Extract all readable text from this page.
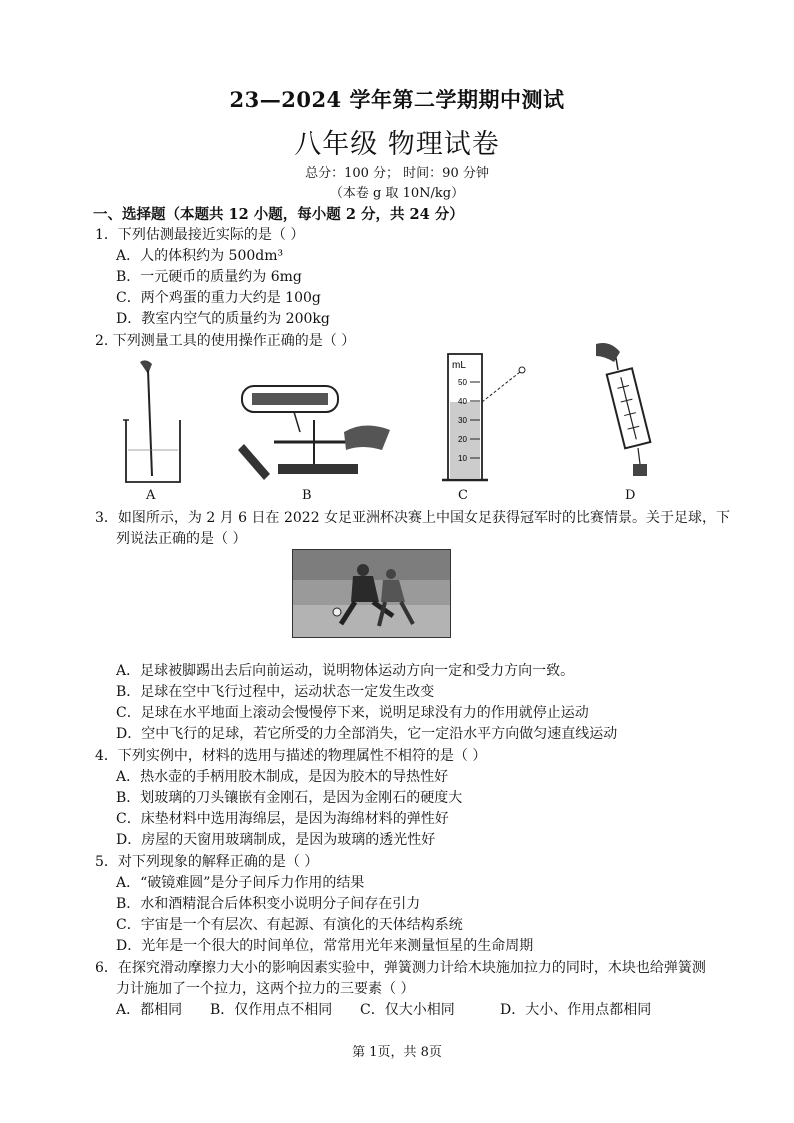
23—2024 学年第二学期期中测试
八年级 物理试卷
总分：100 分； 时间：90 分钟
（本卷 g 取 10N/kg）
一、选择题（本题共 12 小题，每小题 2 分，共 24 分）
1．下列估测最接近实际的是（ ）
A．人的体积约为 500dm³
B．一元硬币的质量约为 6mg
C．两个鸡蛋的重力大约是 100g
D．教室内空气的质量约为 200kg
2. 下列测量工具的使用操作正确的是（ ）
A	B
mL
50
40
30
20
10
C	D
3．如图所示，为 2 月 6 日在 2022 女足亚洲杯决赛上中国女足获得冠军时的比赛情景。关于足球，下
列说法正确的是（ ）
A．足球被脚踢出去后向前运动，说明物体运动方向一定和受力方向一致。
B．足球在空中飞行过程中，运动状态一定发生改变
C．足球在水平地面上滚动会慢慢停下来，说明足球没有力的作用就停止运动
D．空中飞行的足球，若它所受的力全部消失，它一定沿水平方向做匀速直线运动
4．下列实例中，材料的选用与描述的物理属性不相符的是（ ）
A．热水壶的手柄用胶木制成，是因为胶木的导热性好
B．划玻璃的刀头镶嵌有金刚石，是因为金刚石的硬度大
C．床垫材料中选用海绵层，是因为海绵材料的弹性好
D．房屋的天窗用玻璃制成，是因为玻璃的透光性好
5．对下列现象的解释正确的是（ ）
A．“破镜难圆”是分子间斥力作用的结果
B．水和酒精混合后体积变小说明分子间存在引力
C．宇宙是一个有层次、有起源、有演化的天体结构系统
D．光年是一个很大的时间单位，常常用光年来测量恒星的生命周期
6．在探究滑动摩擦力大小的影响因素实验中，弹簧测力计给木块施加拉力的同时，木块也给弹簧测
力计施加了一个拉力，这两个拉力的三要素（ ）
A．都相同 B．仅作用点不相同 C．仅大小相同	D．大小、作用点都相同
第 1页，共 8页
